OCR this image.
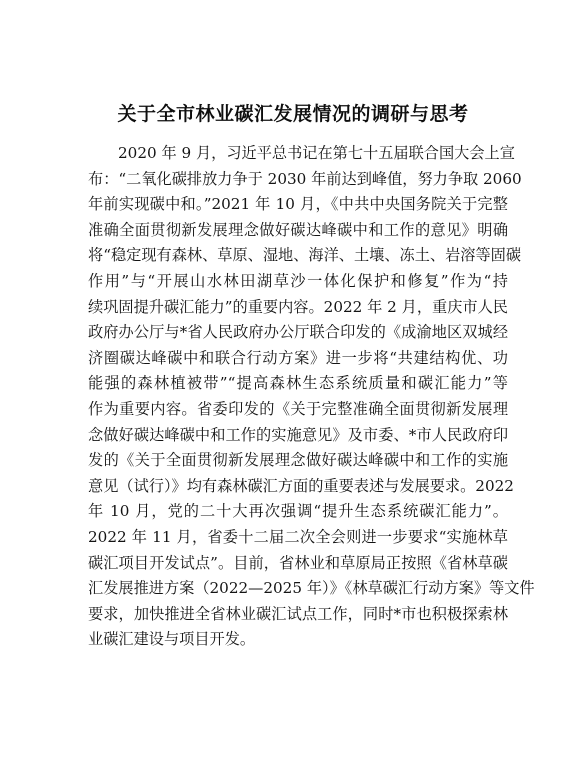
关于全市林业碳汇发展情况的调研与思考
2020 年 9 月，习近平总书记在第七十五届联合国大会上宣
布：“二氧化碳排放力争于 2030 年前达到峰值，努力争取 2060
年前实现碳中和。”2021 年 10 月，《中共中央国务院关于完整
准确全面贯彻新发展理念做好碳达峰碳中和工作的意见》明确
将“稳定现有森林、草原、湿地、海洋、土壤、冻土、岩溶等固碳
作用”与“开展山水林田湖草沙一体化保护和修复”作为“持
续巩固提升碳汇能力”的重要内容。2022 年 2 月，重庆市人民
政府办公厅与*省人民政府办公厅联合印发的《成渝地区双城经
济圈碳达峰碳中和联合行动方案》进一步将“共建结构优、功
能强的森林植被带”“提高森林生态系统质量和碳汇能力”等
作为重要内容。省委印发的《关于完整准确全面贯彻新发展理
念做好碳达峰碳中和工作的实施意见》及市委、*市人民政府印
发的《关于全面贯彻新发展理念做好碳达峰碳中和工作的实施
意见（试行）》均有森林碳汇方面的重要表述与发展要求。2022
年 10 月，党的二十大再次强调“提升生态系统碳汇能力”。
2022 年 11 月，省委十二届二次全会则进一步要求“实施林草
碳汇项目开发试点”。目前，省林业和草原局正按照《省林草碳
汇发展推进方案（2022—2025 年）》《林草碳汇行动方案》等文件
要求，加快推进全省林业碳汇试点工作，同时*市也积极探索林
业碳汇建设与项目开发。
